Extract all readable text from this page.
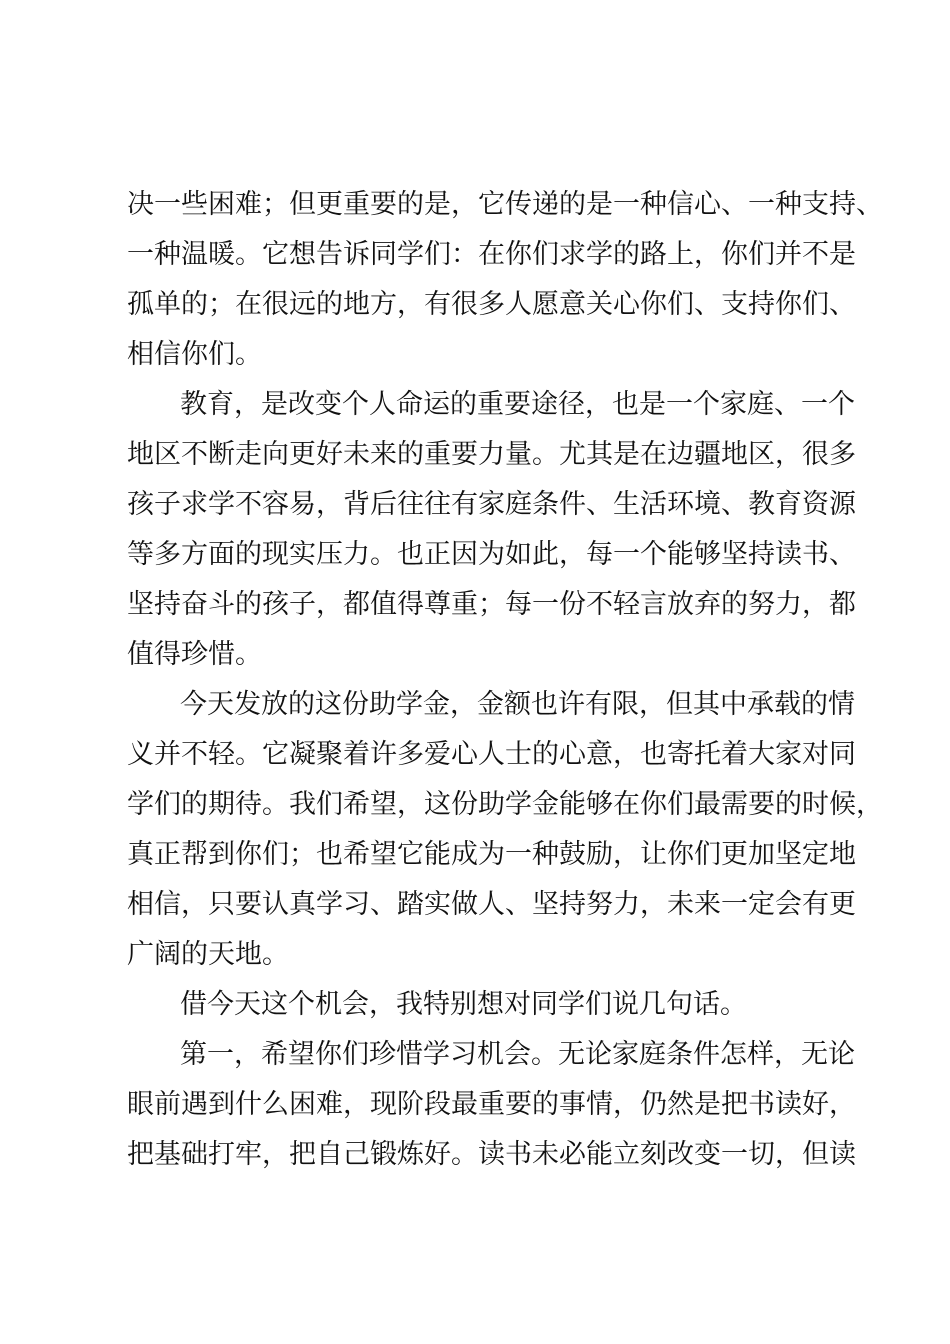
决一些困难；但更重要的是，它传递的是一种信心、一种支持、
一种温暖。它想告诉同学们：在你们求学的路上，你们并不是
孤单的；在很远的地方，有很多人愿意关心你们、支持你们、
相信你们。
教育，是改变个人命运的重要途径，也是一个家庭、一个
地区不断走向更好未来的重要力量。尤其是在边疆地区，很多
孩子求学不容易，背后往往有家庭条件、生活环境、教育资源
等多方面的现实压力。也正因为如此，每一个能够坚持读书、
坚持奋斗的孩子，都值得尊重；每一份不轻言放弃的努力，都
值得珍惜。
今天发放的这份助学金，金额也许有限，但其中承载的情
义并不轻。它凝聚着许多爱心人士的心意，也寄托着大家对同
学们的期待。我们希望，这份助学金能够在你们最需要的时候，
真正帮到你们；也希望它能成为一种鼓励，让你们更加坚定地
相信，只要认真学习、踏实做人、坚持努力，未来一定会有更
广阔的天地。
借今天这个机会，我特别想对同学们说几句话。
第一，希望你们珍惜学习机会。无论家庭条件怎样，无论
眼前遇到什么困难，现阶段最重要的事情，仍然是把书读好，
把基础打牢，把自己锻炼好。读书未必能立刻改变一切，但读
